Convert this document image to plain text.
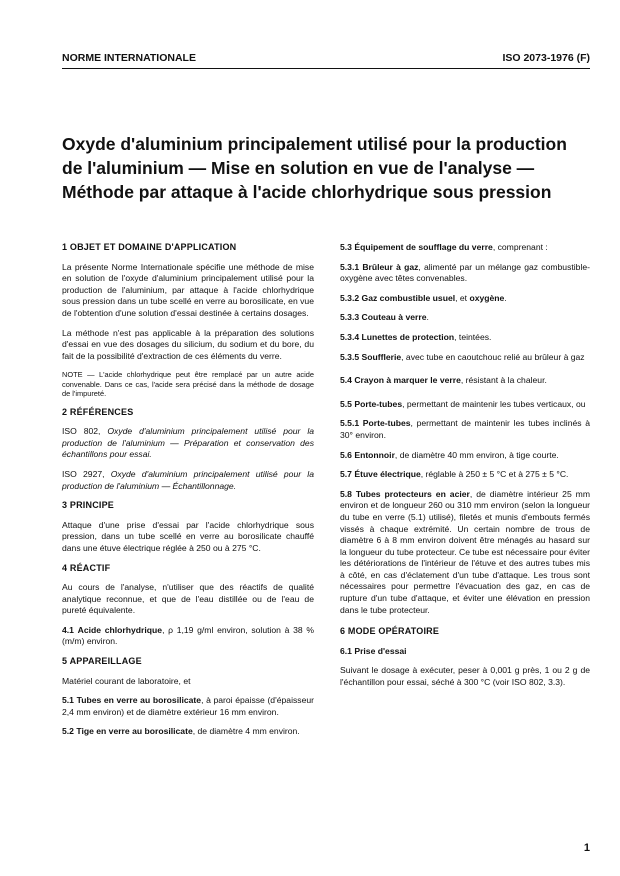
NORME INTERNATIONALE	ISO 2073-1976 (F)
Oxyde d'aluminium principalement utilisé pour la production
de l'aluminium — Mise en solution en vue de l'analyse —
Méthode par attaque à l'acide chlorhydrique sous pression
1 OBJET ET DOMAINE D'APPLICATION

La présente Norme Internationale spécifie une méthode de mise en solution de l'oxyde d'aluminium principalement utilisé pour la production de l'aluminium, par attaque à l'acide chlorhydrique sous pression dans un tube scellé en verre au borosilicate, en vue de l'obtention d'une solution d'essai destinée à certains dosages.

La méthode n'est pas applicable à la préparation des solutions d'essai en vue des dosages du silicium, du sodium et du bore, du fait de la possibilité d'extraction de ces éléments du verre.

NOTE — L'acide chlorhydrique peut être remplacé par un autre acide convenable. Dans ce cas, l'acide sera précisé dans la méthode de dosage de l'impureté.

2 RÉFÉRENCES

ISO 802, Oxyde d'aluminium principalement utilisé pour la production de l'aluminium — Préparation et conservation des échantillons pour essai.

ISO 2927, Oxyde d'aluminium principalement utilisé pour la production de l'aluminium — Échantillonnage.

3 PRINCIPE

Attaque d'une prise d'essai par l'acide chlorhydrique sous pression, dans un tube scellé en verre au borosilicate chauffé dans une étuve électrique réglée à 250 ou à 275 °C.

4 RÉACTIF

Au cours de l'analyse, n'utiliser que des réactifs de qualité analytique reconnue, et que de l'eau distillée ou de l'eau de pureté équivalente.

4.1 Acide chlorhydrique, ρ 1,19 g/ml environ, solution à 38 % (m/m) environ.

5 APPAREILLAGE

Matériel courant de laboratoire, et

5.1 Tubes en verre au borosilicate, à paroi épaisse (d'épaisseur 2,4 mm environ) et de diamètre extérieur 16 mm environ.

5.2 Tige en verre au borosilicate, de diamètre 4 mm environ.

5.3 Équipement de soufflage du verre, comprenant :

5.3.1 Brûleur à gaz, alimenté par un mélange gaz combustible-oxygène avec têtes convenables.

5.3.2 Gaz combustible usuel, et oxygène.

5.3.3 Couteau à verre.

5.3.4 Lunettes de protection, teintées.

5.3.5 Soufflerie, avec tube en caoutchouc relié au brûleur à gaz

5.4 Crayon à marquer le verre, résistant à la chaleur.

5.5 Porte-tubes, permettant de maintenir les tubes verticaux, ou

5.5.1 Porte-tubes, permettant de maintenir les tubes inclinés à 30° environ.

5.6 Entonnoir, de diamètre 40 mm environ, à tige courte.

5.7 Étuve électrique, réglable à 250 ± 5 °C et à 275 ± 5 °C.

5.8 Tubes protecteurs en acier, de diamètre intérieur 25 mm environ et de longueur 260 ou 310 mm environ (selon la longueur du tube en verre (5.1) utilisé), filetés et munis d'embouts fermés vissés à chaque extrémité. Un certain nombre de trous de diamètre 6 à 8 mm environ doivent être ménagés au hasard sur la longueur du tube protecteur. Ce tube est nécessaire pour éviter les détériorations de l'intérieur de l'étuve et des autres tubes mis à côté, en cas d'éclatement d'un tube d'attaque. Les trous sont nécessaires pour permettre l'évacuation des gaz, en cas de rupture d'un tube d'attaque, et éviter une élévation en pression dans le tube protecteur.

6 MODE OPÉRATOIRE

6.1 Prise d'essai

Suivant le dosage à exécuter, peser à 0,001 g près, 1 ou 2 g de l'échantillon pour essai, séché à 300 °C (voir ISO 802, 3.3).

1
